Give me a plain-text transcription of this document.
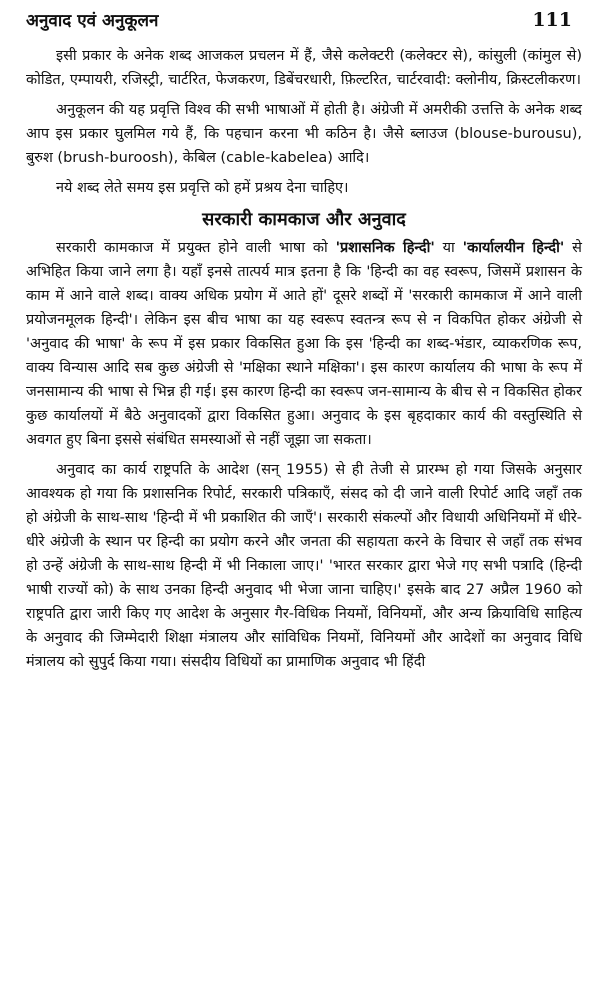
अनुवाद एवं अनुकूलन	111

इसी प्रकार के अनेक शब्द आजकल प्रचलन में हैं, जैसे कलेक्टरी (कलेक्टर से), कांसुली (कांमुल से) कोडित, एम्पायरी, रजिस्ट्री, चार्टरित, फेजकरण, डिबेंचरधारी, फ़िल्टरित, चार्टरवादी: क्लोनीय, क्रिस्टलीकरण।

अनुकूलन की यह प्रवृत्ति विश्व की सभी भाषाओं में होती है। अंग्रेजी में अमरीकी उत्तत्ति के अनेक शब्द आप इस प्रकार घुलमिल गये हैं, कि पहचान करना भी कठिन है। जैसे ब्लाउज (blouse-burousu), बुरुश (brush-buroosh), केबिल (cable-kabelea) आदि।

नये शब्द लेते समय इस प्रवृत्ति को हमें प्रश्रय देना चाहिए।

सरकारी कामकाज और अनुवाद

सरकारी कामकाज में प्रयुक्त होने वाली भाषा को 'प्रशासनिक हिन्दी' या 'कार्यालयीन हिन्दी' से अभिहित किया जाने लगा है। यहाँ इनसे तात्पर्य मात्र इतना है कि 'हिन्दी का वह स्वरूप, जिसमें प्रशासन के काम में आने वाले शब्द। वाक्य अधिक प्रयोग में आते हों' दूसरे शब्दों में 'सरकारी कामकाज में आने वाली प्रयोजनमूलक हिन्दी'। लेकिन इस बीच भाषा का यह स्वरूप स्वतन्त्र रूप से न विकपित होकर अंग्रेजी से 'अनुवाद की भाषा' के रूप में इस प्रकार विकसित हुआ कि इस 'हिन्दी का शब्द-भंडार, व्याकरणिक रूप, वाक्य विन्यास आदि सब कुछ अंग्रेजी से 'मक्षिका स्थाने मक्षिका'। इस कारण कार्यालय की भाषा के रूप में जनसामान्य की भाषा से भिन्न ही गई। इस कारण हिन्दी का स्वरूप जन-सामान्य के बीच से न विकसित होकर कुछ कार्यालयों में बैठे अनुवादकों द्वारा विकसित हुआ। अनुवाद के इस बृहदाकार कार्य की वस्तुस्थिति से अवगत हुए बिना इससे संबंधित समस्याओं से नहीं जूझा जा सकता।

अनुवाद का कार्य राष्ट्रपति के आदेश (सन् 1955) से ही तेजी से प्रारम्भ हो गया जिसके अनुसार आवश्यक हो गया कि प्रशासनिक रिपोर्ट, सरकारी पत्रिकाएँ, संसद को दी जाने वाली रिपोर्ट आदि जहाँ तक हो अंग्रेजी के साथ-साथ 'हिन्दी में भी प्रकाशित की जाएँ'। सरकारी संकल्पों और विधायी अधिनियमों में धीरे-धीरे अंग्रेजी के स्थान पर हिन्दी का प्रयोग करने और जनता की सहायता करने के विचार से जहाँ तक संभव हो उन्हें अंग्रेजी के साथ-साथ हिन्दी में भी निकाला जाए।' 'भारत सरकार द्वारा भेजे गए सभी पत्रादि (हिन्दी भाषी राज्यों को) के साथ उनका हिन्दी अनुवाद भी भेजा जाना चाहिए।' इसके बाद 27 अप्रैल 1960 को राष्ट्रपति द्वारा जारी किए गए आदेश के अनुसार गैर-विधिक नियमों, विनियमों, और अन्य क्रियाविधि साहित्य के अनुवाद की जिम्मेदारी शिक्षा मंत्रालय और सांविधिक नियमों, विनियमों और आदेशों का अनुवाद विधि मंत्रालय को सुपुर्द किया गया। संसदीय विधियों का प्रामाणिक अनुवाद भी हिंदी
